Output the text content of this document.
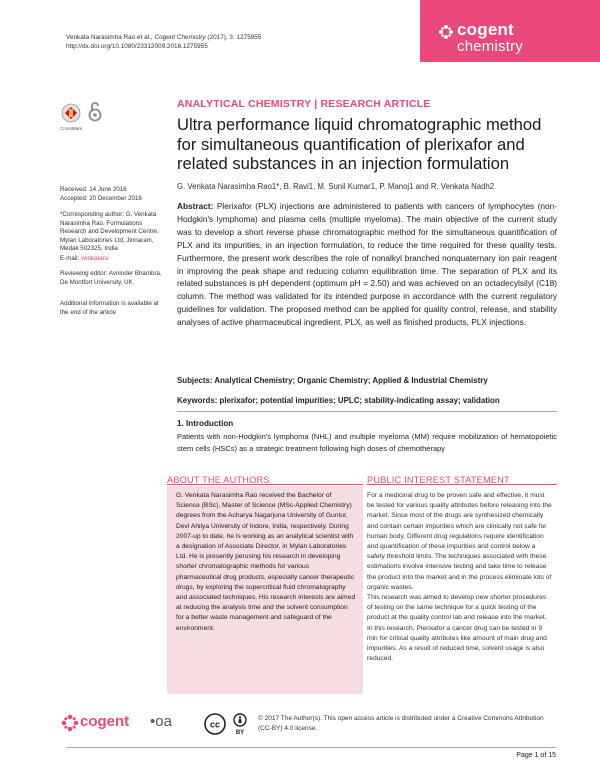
Venkata Narasimha Rao et al., Cogent Chemistry (2017), 3: 1275955
http://dx.doi.org/10.1080/23312009.2016.1275955
cogent
chemistry
CrossMark
Received: 14 June 2016
Accepted: 20 December 2016
*Corresponding author: G. Venkata Narasimha Rao, Formulations Research and Development Centre, Mylan Laboratories Ltd, Jinnaram, Medak 502325, India
E-mail: venkatara
Reviewing editor: Avninder Bhambra, De Montfort University, UK
Additional information is available at the end of the article
ANALYTICAL CHEMISTRY | RESEARCH ARTICLE
Ultra performance liquid chromatographic method for simultaneous quantification of plerixafor and related substances in an injection formulation
G. Venkata Narasimha Rao1*, B. Ravi1, M. Sunil Kumar1, P. Manoj1 and R. Venkata Nadh2
Abstract: Plerixafor (PLX) injections are administered to patients with cancers of lymphocytes (non-Hodgkin's lymphoma) and plasma cells (multiple myeloma). The main objective of the current study was to develop a short reverse phase chromatographic method for the simultaneous quantification of PLX and its impurities, in an injection formulation, to reduce the time required for these quality tests. Furthermore, the present work describes the role of nonalkyl branched nonquaternary ion pair reagent in improving the peak shape and reducing column equilibration time. The separation of PLX and its related substances is pH dependent (optimum pH = 2.50) and was achieved on an octadecylsilyl (C18) column. The method was validated for its intended purpose in accordance with the current regulatory guidelines for validation. The proposed method can be applied for quality control, release, and stability analyses of active pharmaceutical ingredient, PLX, as well as finished products, PLX injections.
Subjects: Analytical Chemistry; Organic Chemistry; Applied & Industrial Chemistry
Keywords: plerixafor; potential impurities; UPLC; stability-indicating assay; validation
1. Introduction
Patients with non-Hodgkin's lymphoma (NHL) and multiple myeloma (MM) require mobilization of hematopoietic stem cells (HSCs) as a strategic treatment following high doses of chemotherapy
ABOUT THE AUTHORS
G. Venkata Narasimha Rao received the Bachelor of Science (BSc), Master of Science (MSc-Applied Chemistry) degrees from the Acharya Nagarjuna University of Guntur, Devi Ahilya University of Indore, India, respectively. During 2007-up to date, he is working as an analytical scientist with a designation of Associate Director, in Mylan Laboratories Ltd. He is presently perusing his research in developing shorter chromatographic methods for various pharmaceutical drug products, especially cancer therapeutic drugs, by exploring the supercritical fluid chromatography and associated techniques. His research interests are aimed at reducing the analysis time and the solvent consumption for a better waste management and safeguard of the environment.
PUBLIC INTEREST STATEMENT

For a medicinal drug to be proven safe and effective, it must be tested for various quality attributes before releasing into the market. Since most of the drugs are synthesized chemically and contain certain impurities which are clinically not safe for human body. Different drug regulations require identification and quantification of these impurities and control below a safety threshold limits. The techniques associated with these estimations involve intensive testing and take time to release the product into the market and in the process eliminate lots of organic wastes.

This research was aimed to develop new shorter procedures of testing on the same technique for a quick testing of the product at the quality control lab and release into the market. In this research, Plerixafor a cancer drug can be tested in 9 min for critical quality attributes like amount of main drug and impurities. As a result of reduced time, solvent usage is also reduced.

cogent •oa	cc
BY
© 2017 The Author(s). This open access article is distributed under a Creative Commons Attribution (CC-BY) 4.0 license.
Page 1 of 15
